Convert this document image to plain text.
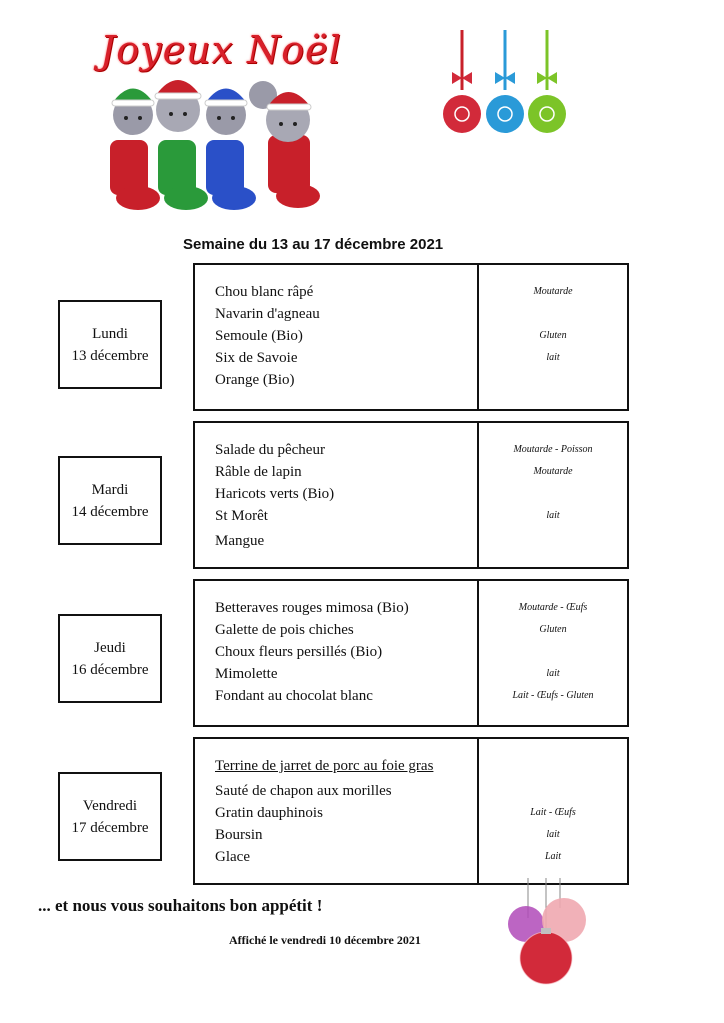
Joyeux Noël
Semaine du 13 au 17 décembre 2021
Lundi
13 décembre
Chou blanc râpé
Navarin d'agneau
Semoule (Bio)
Six de Savoie
Orange (Bio)
Moutarde
Gluten
lait
Mardi
14 décembre
Salade du pêcheur
Râble de lapin
Haricots verts (Bio)
St Morêt
Mangue
Moutarde - Poisson
Moutarde
lait
Jeudi
16 décembre
Betteraves rouges mimosa (Bio)
Galette de pois chiches
Choux fleurs persillés (Bio)
Mimolette
Fondant au chocolat blanc
Moutarde - Œufs
Gluten
lait
Lait - Œufs - Gluten
Vendredi
17 décembre
Terrine de jarret de porc au foie gras
Sauté de chapon aux morilles
Gratin dauphinois
Boursin
Glace
Lait - Œufs
lait
Lait
... et nous vous souhaitons bon appétit !
Affiché le vendredi 10 décembre 2021
